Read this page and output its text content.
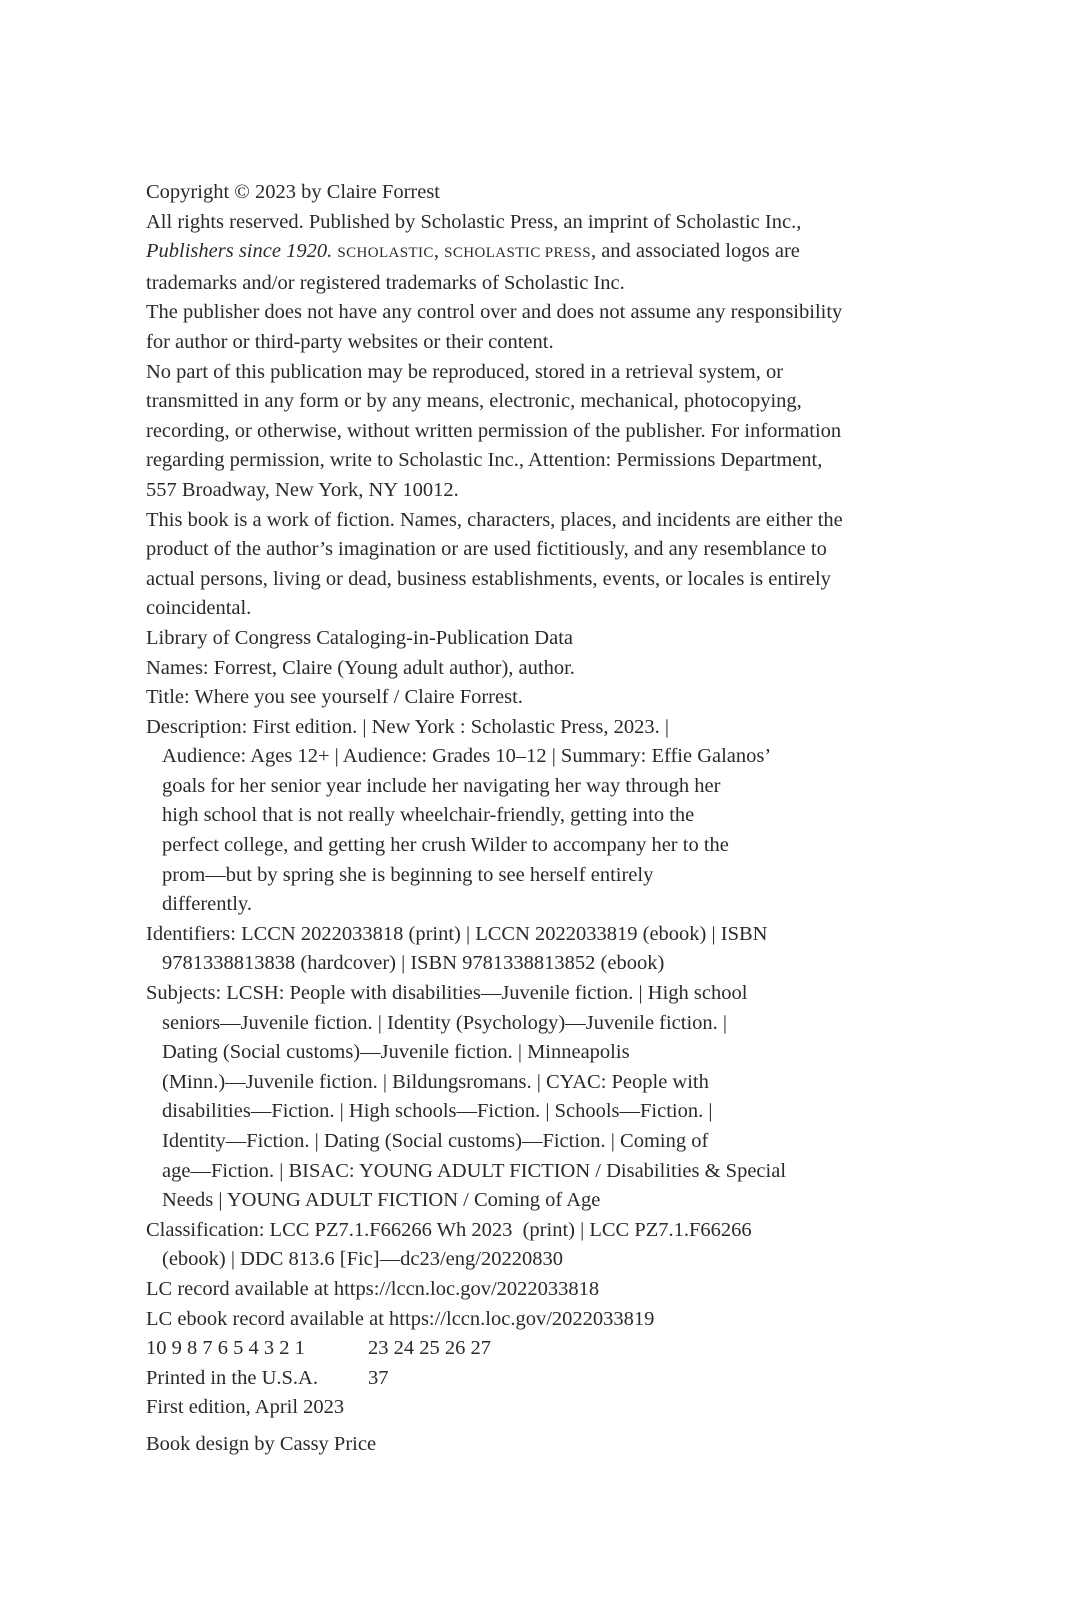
Copyright © 2023 by Claire Forrest
All rights reserved. Published by Scholastic Press, an imprint of Scholastic Inc.,
Publishers since 1920. SCHOLASTIC, SCHOLASTIC PRESS, and associated logos are
trademarks and/or registered trademarks of Scholastic Inc.
The publisher does not have any control over and does not assume any responsibility
for author or third-party websites or their content.
No part of this publication may be reproduced, stored in a retrieval system, or
transmitted in any form or by any means, electronic, mechanical, photocopying,
recording, or otherwise, without written permission of the publisher. For information
regarding permission, write to Scholastic Inc., Attention: Permissions Department,
557 Broadway, New York, NY 10012.
This book is a work of fiction. Names, characters, places, and incidents are either the
product of the author’s imagination or are used fictitiously, and any resemblance to
actual persons, living or dead, business establishments, events, or locales is entirely
coincidental.
Library of Congress Cataloging-in-Publication Data
Names: Forrest, Claire (Young adult author), author.
Title: Where you see yourself / Claire Forrest.
Description: First edition. | New York : Scholastic Press, 2023. |
Audience: Ages 12+ | Audience: Grades 10–12 | Summary: Effie Galanos’
goals for her senior year include her navigating her way through her
high school that is not really wheelchair-friendly, getting into the
perfect college, and getting her crush Wilder to accompany her to the
prom—but by spring she is beginning to see herself entirely
differently.
Identifiers: LCCN 2022033818 (print) | LCCN 2022033819 (ebook) | ISBN
9781338813838 (hardcover) | ISBN 9781338813852 (ebook)
Subjects: LCSH: People with disabilities—Juvenile fiction. | High school
seniors—Juvenile fiction. | Identity (Psychology)—Juvenile fiction. |
Dating (Social customs)—Juvenile fiction. | Minneapolis
(Minn.)—Juvenile fiction. | Bildungsromans. | CYAC: People with
disabilities—Fiction. | High schools—Fiction. | Schools—Fiction. |
Identity—Fiction. | Dating (Social customs)—Fiction. | Coming of
age—Fiction. | BISAC: YOUNG ADULT FICTION / Disabilities & Special
Needs | YOUNG ADULT FICTION / Coming of Age
Classification: LCC PZ7.1.F66266 Wh 2023  (print) | LCC PZ7.1.F66266
(ebook) | DDC 813.6 [Fic]—dc23/eng/20220830
LC record available at https://lccn.loc.gov/2022033818
LC ebook record available at https://lccn.loc.gov/2022033819
10 9 8 7 6 5 4 3 2 1	23 24 25 26 27
Printed in the U.S.A. 37
First edition, April 2023
Book design by Cassy Price
